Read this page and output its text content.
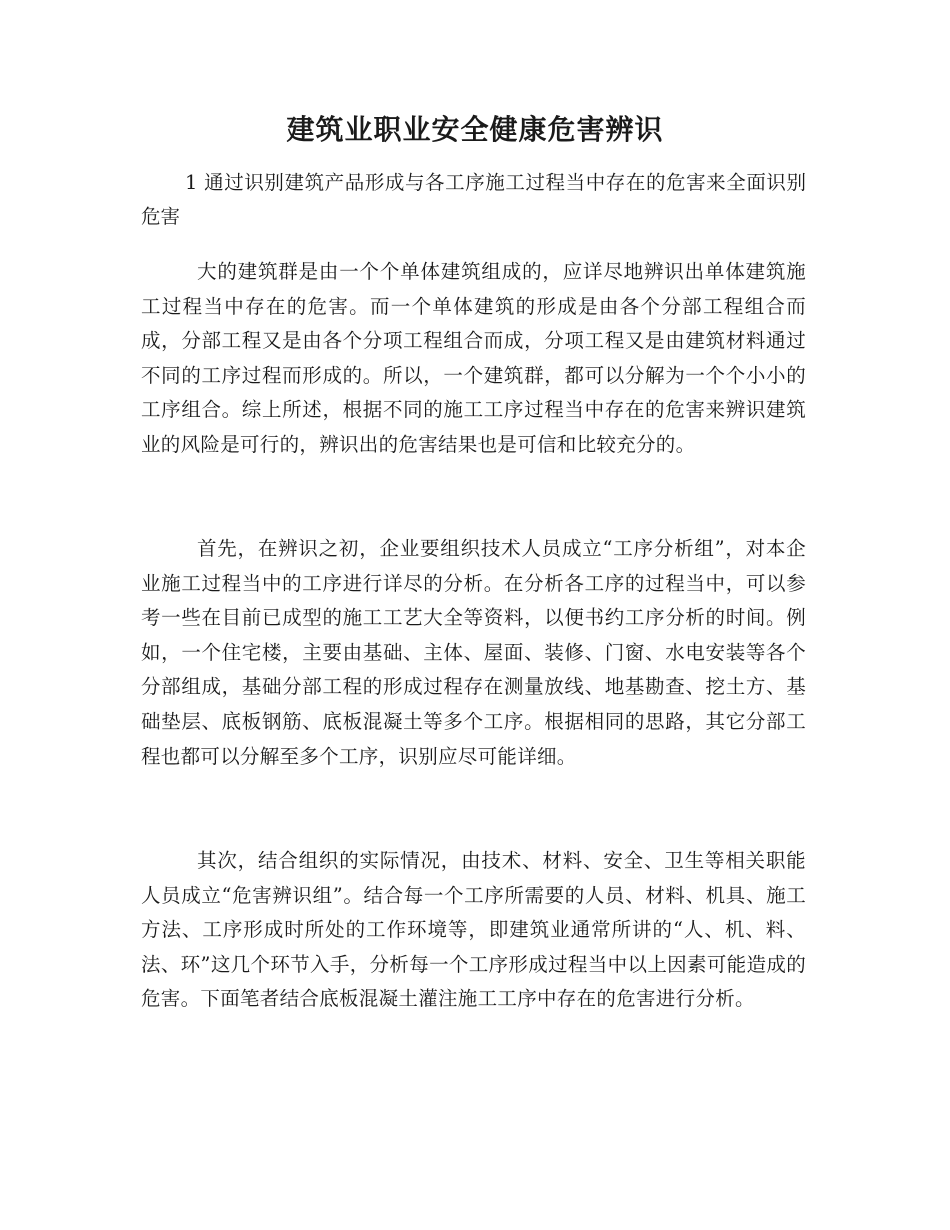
建筑业职业安全健康危害辨识

1 通过识别建筑产品形成与各工序施工过程当中存在的危害来全面识别危害

大的建筑群是由一个个单体建筑组成的，应详尽地辨识出单体建筑施工过程当中存在的危害。而一个单体建筑的形成是由各个分部工程组合而成，分部工程又是由各个分项工程组合而成，分项工程又是由建筑材料通过不同的工序过程而形成的。所以，一个建筑群，都可以分解为一个个小小的工序组合。综上所述，根据不同的施工工序过程当中存在的危害来辨识建筑业的风险是可行的，辨识出的危害结果也是可信和比较充分的。

首先，在辨识之初，企业要组织技术人员成立“工序分析组”，对本企业施工过程当中的工序进行详尽的分析。在分析各工序的过程当中，可以参考一些在目前已成型的施工工艺大全等资料，以便书约工序分析的时间。例如，一个住宅楼，主要由基础、主体、屋面、装修、门窗、水电安装等各个分部组成，基础分部工程的形成过程存在测量放线、地基勘查、挖土方、基础垫层、底板钢筋、底板混凝土等多个工序。根据相同的思路，其它分部工程也都可以分解至多个工序，识别应尽可能详细。

其次，结合组织的实际情况，由技术、材料、安全、卫生等相关职能人员成立“危害辨识组”。结合每一个工序所需要的人员、材料、机具、施工方法、工序形成时所处的工作环境等，即建筑业通常所讲的“人、机、料、法、环”这几个环节入手，分析每一个工序形成过程当中以上因素可能造成的危害。下面笔者结合底板混凝土灌注施工工序中存在的危害进行分析。
